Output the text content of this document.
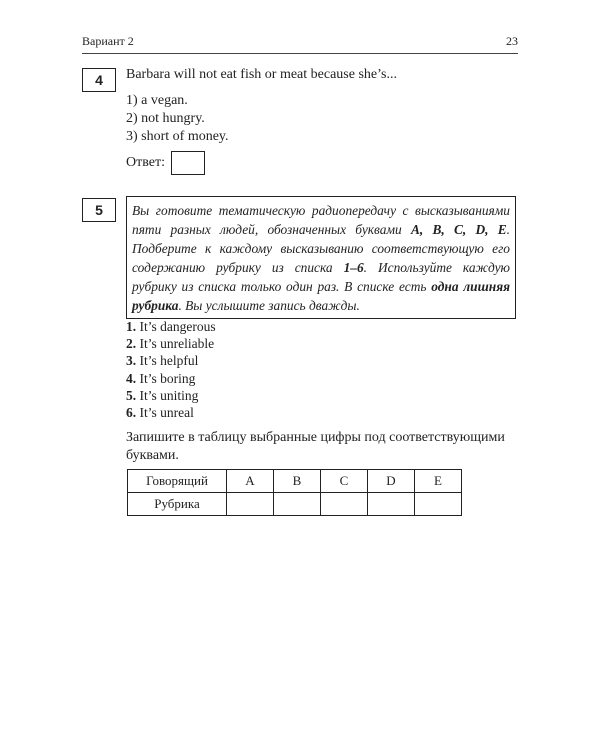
Вариант 2	23
4	Barbara will not eat fish or meat because she’s...
1) a vegan.
2) not hungry.
3) short of money.
Ответ:
5	Вы готовите тематическую радиопередачу с высказываниями пяти разных людей, обозначенных буквами A, B, C, D, E. Подберите к каждому высказыванию соответствующую его содержанию рубрику из списка 1–6. Используйте каждую рубрику из списка только один раз. В списке есть одна лишняя рубрика. Вы услышите запись дважды.
1. It’s dangerous
2. It’s unreliable
3. It’s helpful
4. It’s boring
5. It’s uniting
6. It’s unreal
Запишите в таблицу выбранные цифры под соответствующими буквами.
Говорящий	A	B	C	D	E
Рубрика					
